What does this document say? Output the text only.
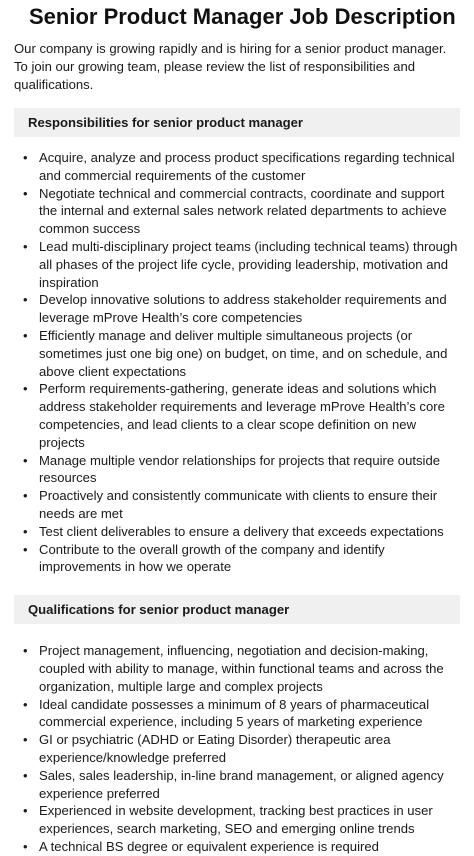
Senior Product Manager Job Description

Our company is growing rapidly and is hiring for a senior product manager. To join our growing team, please review the list of responsibilities and qualifications.

Responsibilities for senior product manager
• Acquire, analyze and process product specifications regarding technical and commercial requirements of the customer
• Negotiate technical and commercial contracts, coordinate and support the internal and external sales network related departments to achieve common success
• Lead multi-disciplinary project teams (including technical teams) through all phases of the project life cycle, providing leadership, motivation and inspiration
• Develop innovative solutions to address stakeholder requirements and leverage mProve Health’s core competencies
• Efficiently manage and deliver multiple simultaneous projects (or sometimes just one big one) on budget, on time, and on schedule, and above client expectations
• Perform requirements-gathering, generate ideas and solutions which address stakeholder requirements and leverage mProve Health’s core competencies, and lead clients to a clear scope definition on new projects
• Manage multiple vendor relationships for projects that require outside resources
• Proactively and consistently communicate with clients to ensure their needs are met
• Test client deliverables to ensure a delivery that exceeds expectations
• Contribute to the overall growth of the company and identify improvements in how we operate
Qualifications for senior product manager
• Project management, influencing, negotiation and decision-making, coupled with ability to manage, within functional teams and across the organization, multiple large and complex projects
• Ideal candidate possesses a minimum of 8 years of pharmaceutical commercial experience, including 5 years of marketing experience
• GI or psychiatric (ADHD or Eating Disorder) therapeutic area experience/knowledge preferred
• Sales, sales leadership, in-line brand management, or aligned agency experience preferred
• Experienced in website development, tracking best practices in user experiences, search marketing, SEO and emerging online trends
• A technical BS degree or equivalent experience is required
